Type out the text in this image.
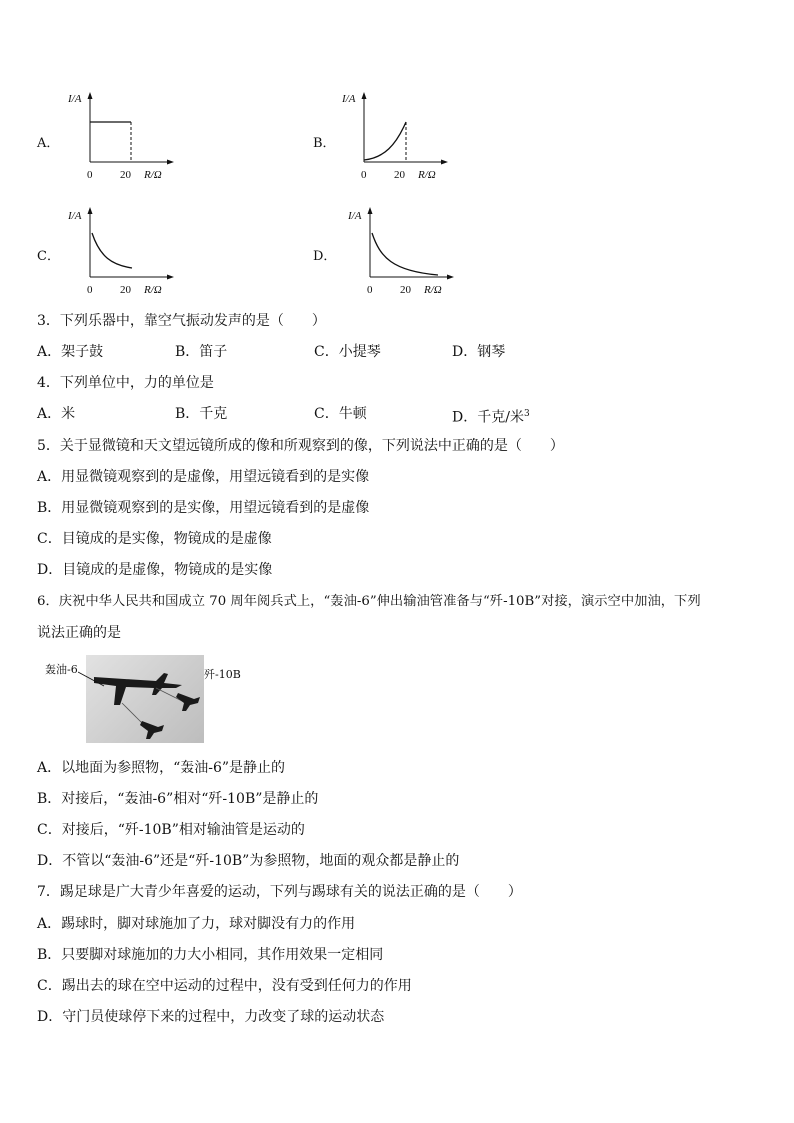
A．
I/A
0	20 R/Ω
B．
I/A
0	20 R/Ω
C．
I/A
0	20 R/Ω
D．
I/A
0	20 R/Ω
3．下列乐器中，靠空气振动发声的是（　　）
A．架子鼓	B．笛子	C．小提琴	D．钢琴
4．下列单位中，力的单位是
A．米	B．千克	C．牛顿	D．千克/米$^3$
5．关于显微镜和天文望远镜所成的像和所观察到的像，下列说法中正确的是（　　）
A．用显微镜观察到的是虚像，用望远镜看到的是实像
B．用显微镜观察到的是实像，用望远镜看到的是虚像
C．目镜成的是实像，物镜成的是虚像
D．目镜成的是虚像，物镜成的是实像
6．庆祝中华人民共和国成立 70 周年阅兵式上，“轰油-6”伸出输油管准备与“歼-10B”对接，演示空中加油，下列
说法正确的是
轰油-6	歼-10B
A．以地面为参照物，“轰油-6”是静止的
B．对接后，“轰油-6”相对“歼-10B”是静止的
C．对接后，“歼-10B”相对输油管是运动的
D．不管以“轰油-6”还是“歼-10B”为参照物，地面的观众都是静止的
7．踢足球是广大青少年喜爱的运动，下列与踢球有关的说法正确的是（　　）
A．踢球时，脚对球施加了力，球对脚没有力的作用
B．只要脚对球施加的力大小相同，其作用效果一定相同
C．踢出去的球在空中运动的过程中，没有受到任何力的作用
D．守门员使球停下来的过程中，力改变了球的运动状态
